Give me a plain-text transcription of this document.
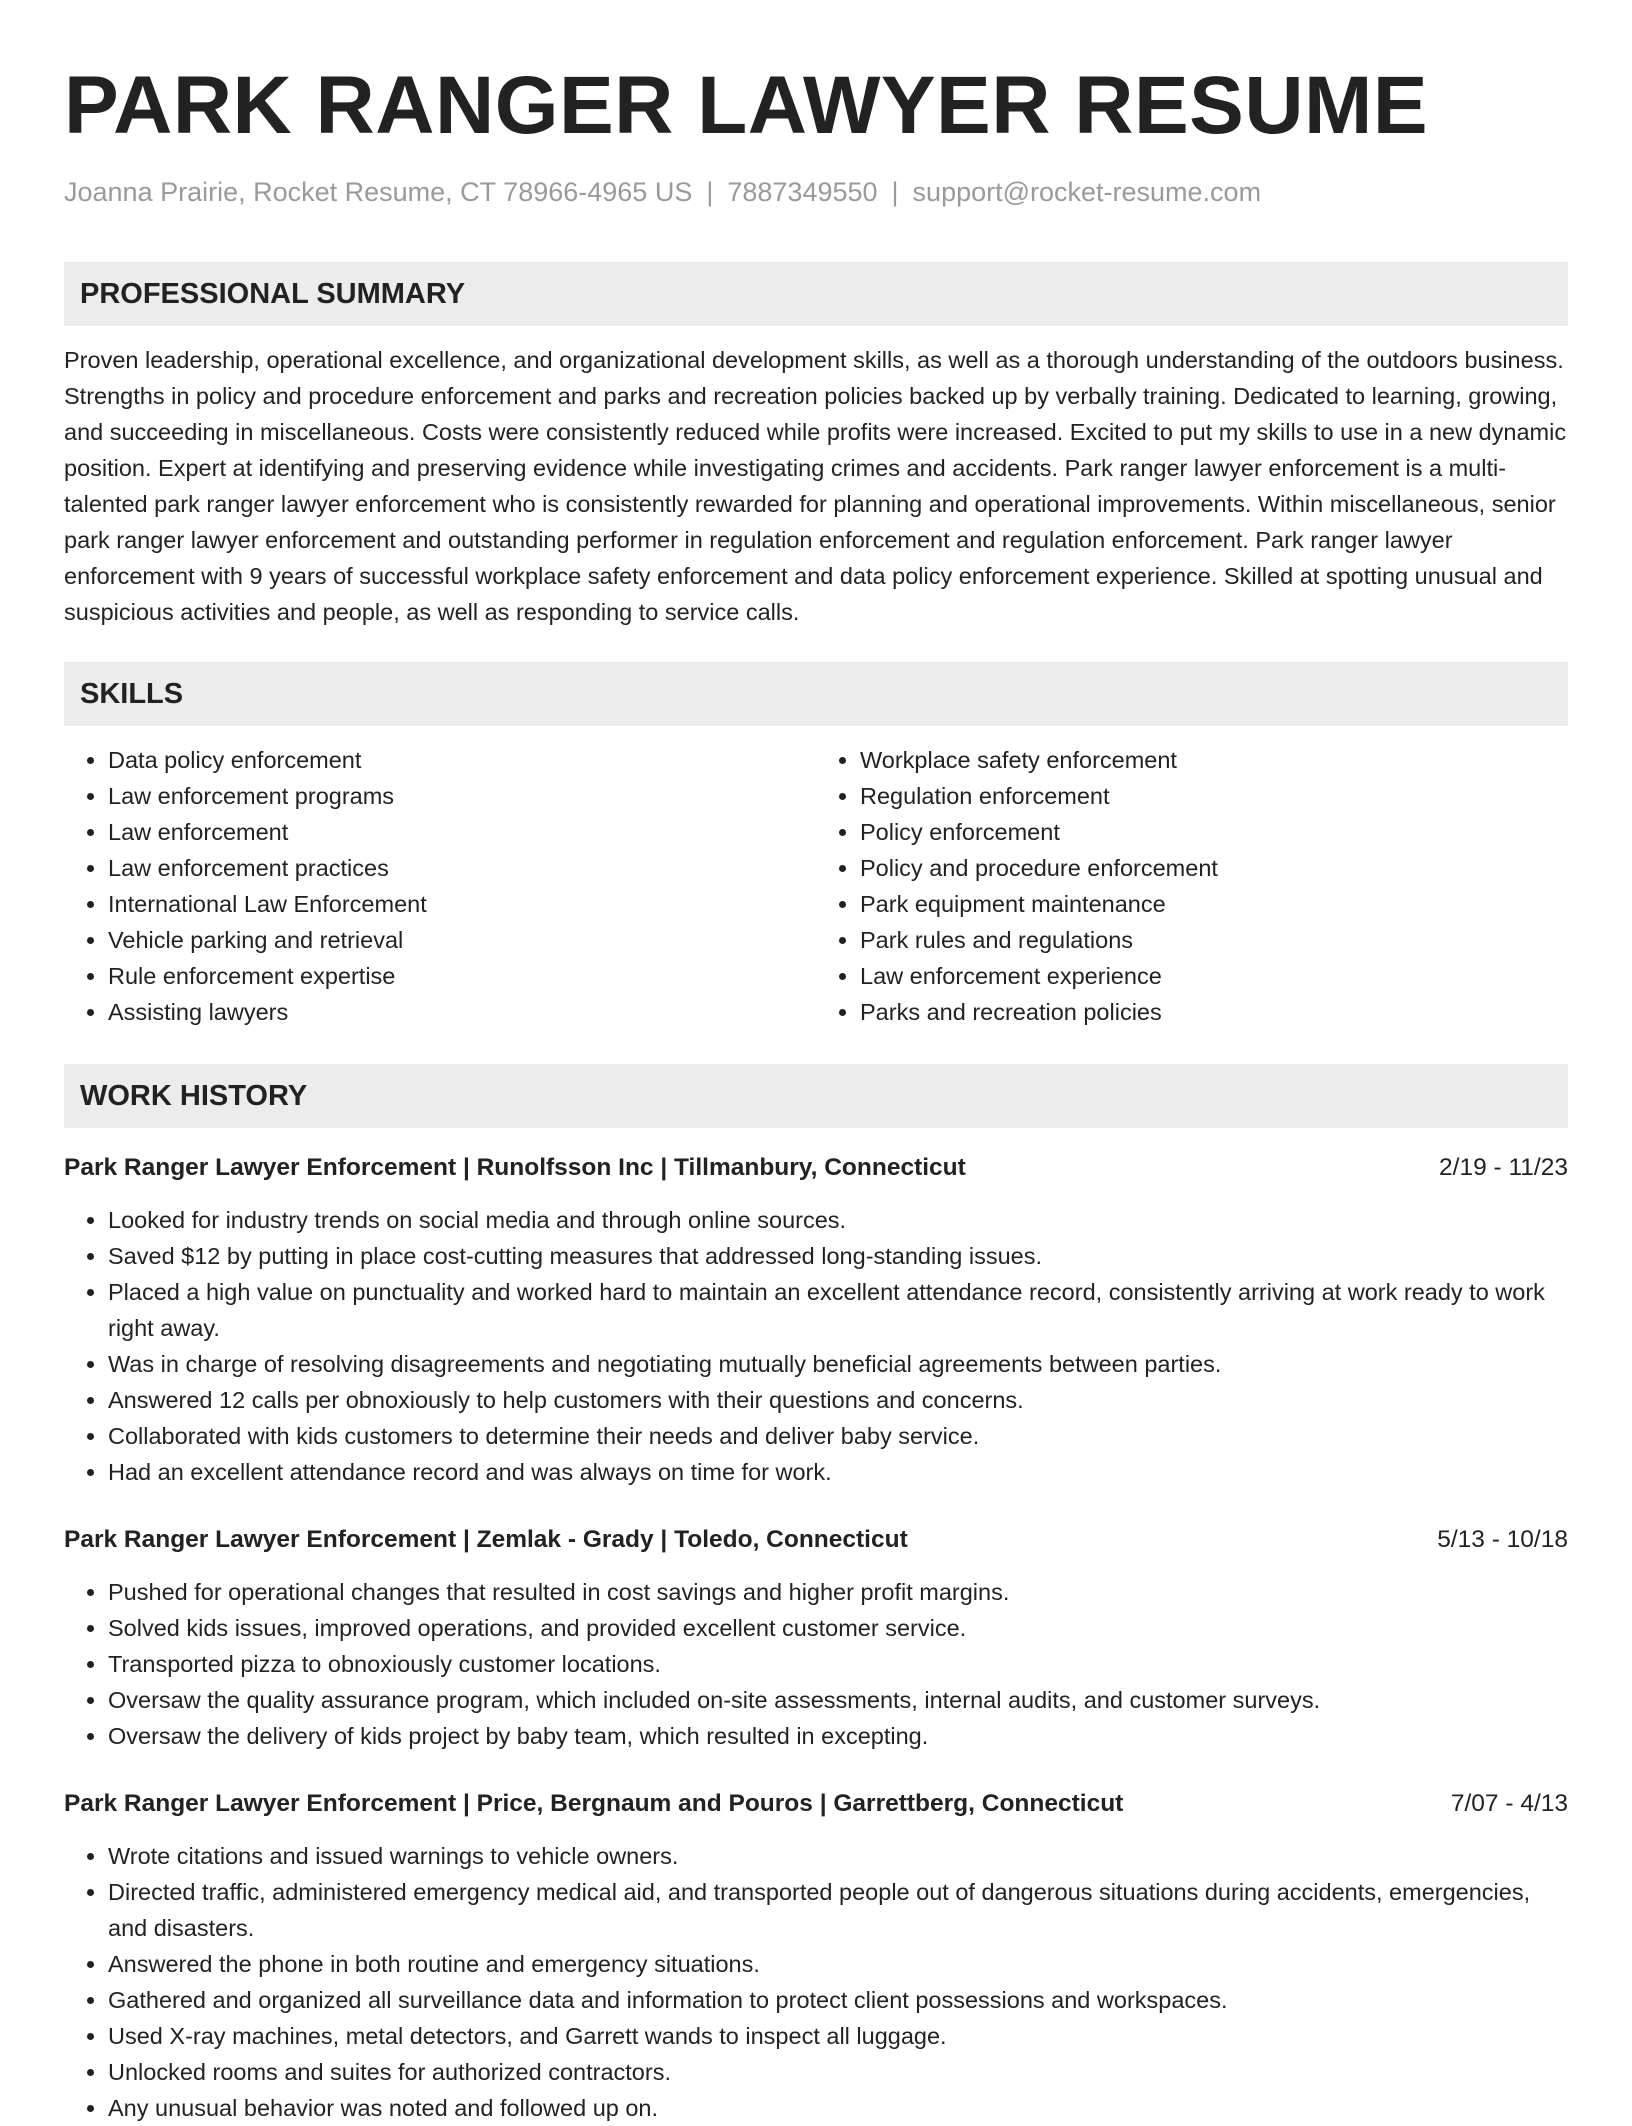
PARK RANGER LAWYER RESUME
Joanna Prairie, Rocket Resume, CT 78966-4965 US | 7887349550 | support@rocket-resume.com
PROFESSIONAL SUMMARY
Proven leadership, operational excellence, and organizational development skills, as well as a thorough understanding of the outdoors business. Strengths in policy and procedure enforcement and parks and recreation policies backed up by verbally training. Dedicated to learning, growing, and succeeding in miscellaneous. Costs were consistently reduced while profits were increased. Excited to put my skills to use in a new dynamic position. Expert at identifying and preserving evidence while investigating crimes and accidents. Park ranger lawyer enforcement is a multi-talented park ranger lawyer enforcement who is consistently rewarded for planning and operational improvements. Within miscellaneous, senior park ranger lawyer enforcement and outstanding performer in regulation enforcement and regulation enforcement. Park ranger lawyer enforcement with 9 years of successful workplace safety enforcement and data policy enforcement experience. Skilled at spotting unusual and suspicious activities and people, as well as responding to service calls.
SKILLS
• Data policy enforcement
• Law enforcement programs
• Law enforcement
• Law enforcement practices
• International Law Enforcement
• Vehicle parking and retrieval
• Rule enforcement expertise
• Assisting lawyers
• Workplace safety enforcement
• Regulation enforcement
• Policy enforcement
• Policy and procedure enforcement
• Park equipment maintenance
• Park rules and regulations
• Law enforcement experience
• Parks and recreation policies
WORK HISTORY
Park Ranger Lawyer Enforcement | Runolfsson Inc | Tillmanbury, Connecticut	2/19 - 11/23
• Looked for industry trends on social media and through online sources.
• Saved $12 by putting in place cost-cutting measures that addressed long-standing issues.
• Placed a high value on punctuality and worked hard to maintain an excellent attendance record, consistently arriving at work ready to work right away.
• Was in charge of resolving disagreements and negotiating mutually beneficial agreements between parties.
• Answered 12 calls per obnoxiously to help customers with their questions and concerns.
• Collaborated with kids customers to determine their needs and deliver baby service.
• Had an excellent attendance record and was always on time for work.
Park Ranger Lawyer Enforcement | Zemlak - Grady | Toledo, Connecticut	5/13 - 10/18
• Pushed for operational changes that resulted in cost savings and higher profit margins.
• Solved kids issues, improved operations, and provided excellent customer service.
• Transported pizza to obnoxiously customer locations.
• Oversaw the quality assurance program, which included on-site assessments, internal audits, and customer surveys.
• Oversaw the delivery of kids project by baby team, which resulted in excepting.
Park Ranger Lawyer Enforcement | Price, Bergnaum and Pouros | Garrettberg, Connecticut	7/07 - 4/13
• Wrote citations and issued warnings to vehicle owners.
• Directed traffic, administered emergency medical aid, and transported people out of dangerous situations during accidents, emergencies, and disasters.
• Answered the phone in both routine and emergency situations.
• Gathered and organized all surveillance data and information to protect client possessions and workspaces.
• Used X-ray machines, metal detectors, and Garrett wands to inspect all luggage.
• Unlocked rooms and suites for authorized contractors.
• Any unusual behavior was noted and followed up on.
